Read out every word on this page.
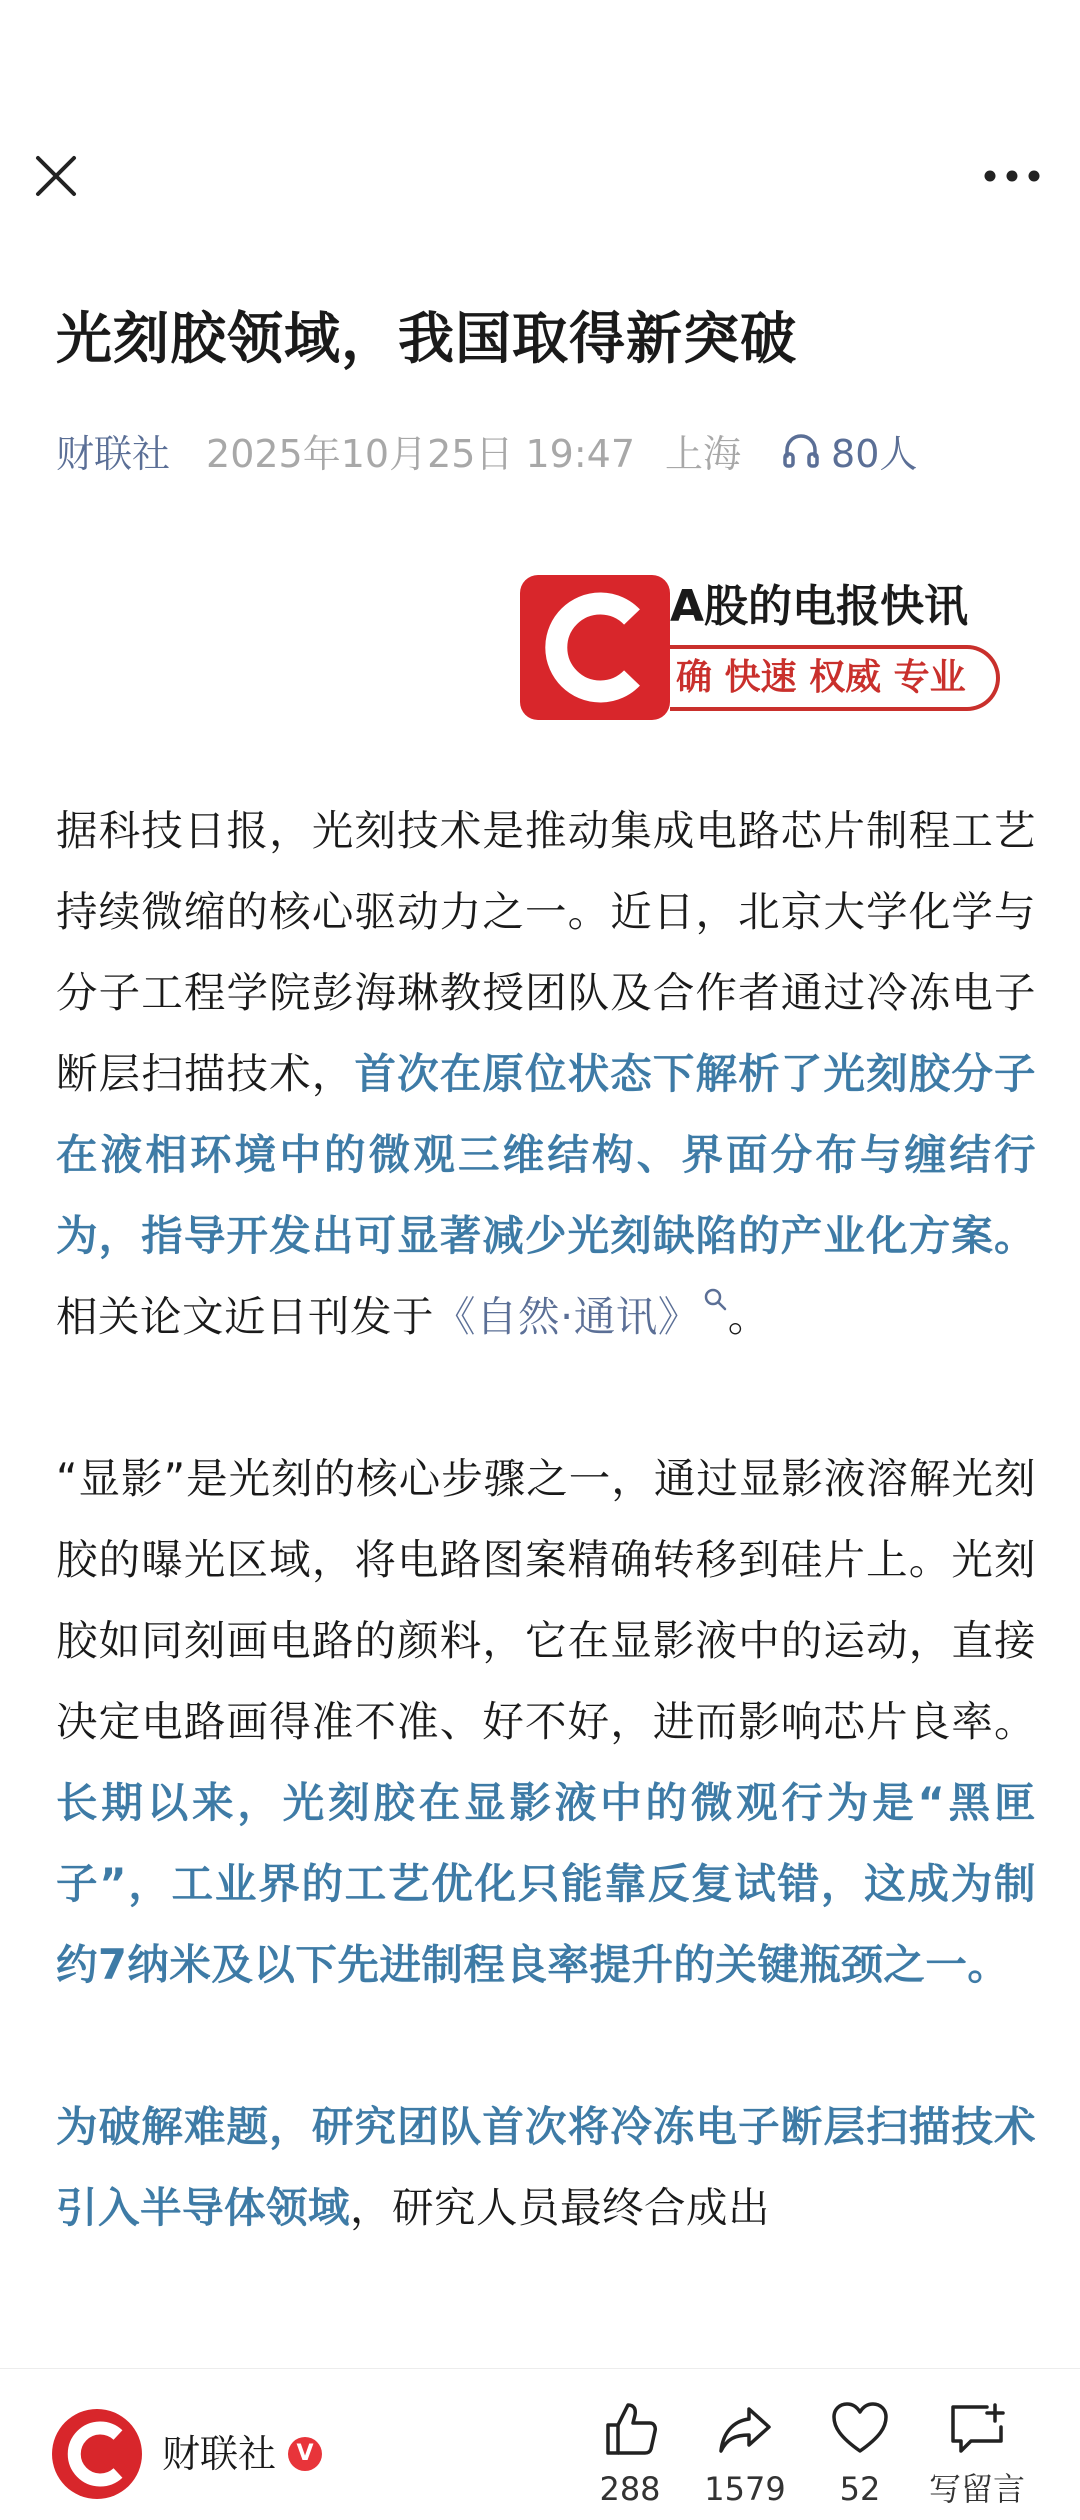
光刻胶领域，我国取得新突破
财联社 2025年10月25日 19:47 上海 80人
A股的电报快讯
确 快速 权威 专业

据科技日报，光刻技术是推动集成电路芯片制程工艺持续微缩的核心驱动力之一。近日，北京大学化学与分子工程学院彭海琳教授团队及合作者通过冷冻电子断层扫描技术，首次在原位状态下解析了光刻胶分子在液相环境中的微观三维结构、界面分布与缠结行为，指导开发出可显著减少光刻缺陷的产业化方案。相关论文近日刊发于《自然·通讯》 。

“显影”是光刻的核心步骤之一，通过显影液溶解光刻胶的曝光区域，将电路图案精确转移到硅片上。光刻胶如同刻画电路的颜料，它在显影液中的运动，直接决定电路画得准不准、好不好，进而影响芯片良率。长期以来，光刻胶在显影液中的微观行为是“黑匣子”，工业界的工艺优化只能靠反复试错，这成为制约7纳米及以下先进制程良率提升的关键瓶颈之一。

为破解难题，研究团队首次将冷冻电子断层扫描技术引入半导体领域，研究人员最终合成出

财联社 V
288	1579	52	写留言
